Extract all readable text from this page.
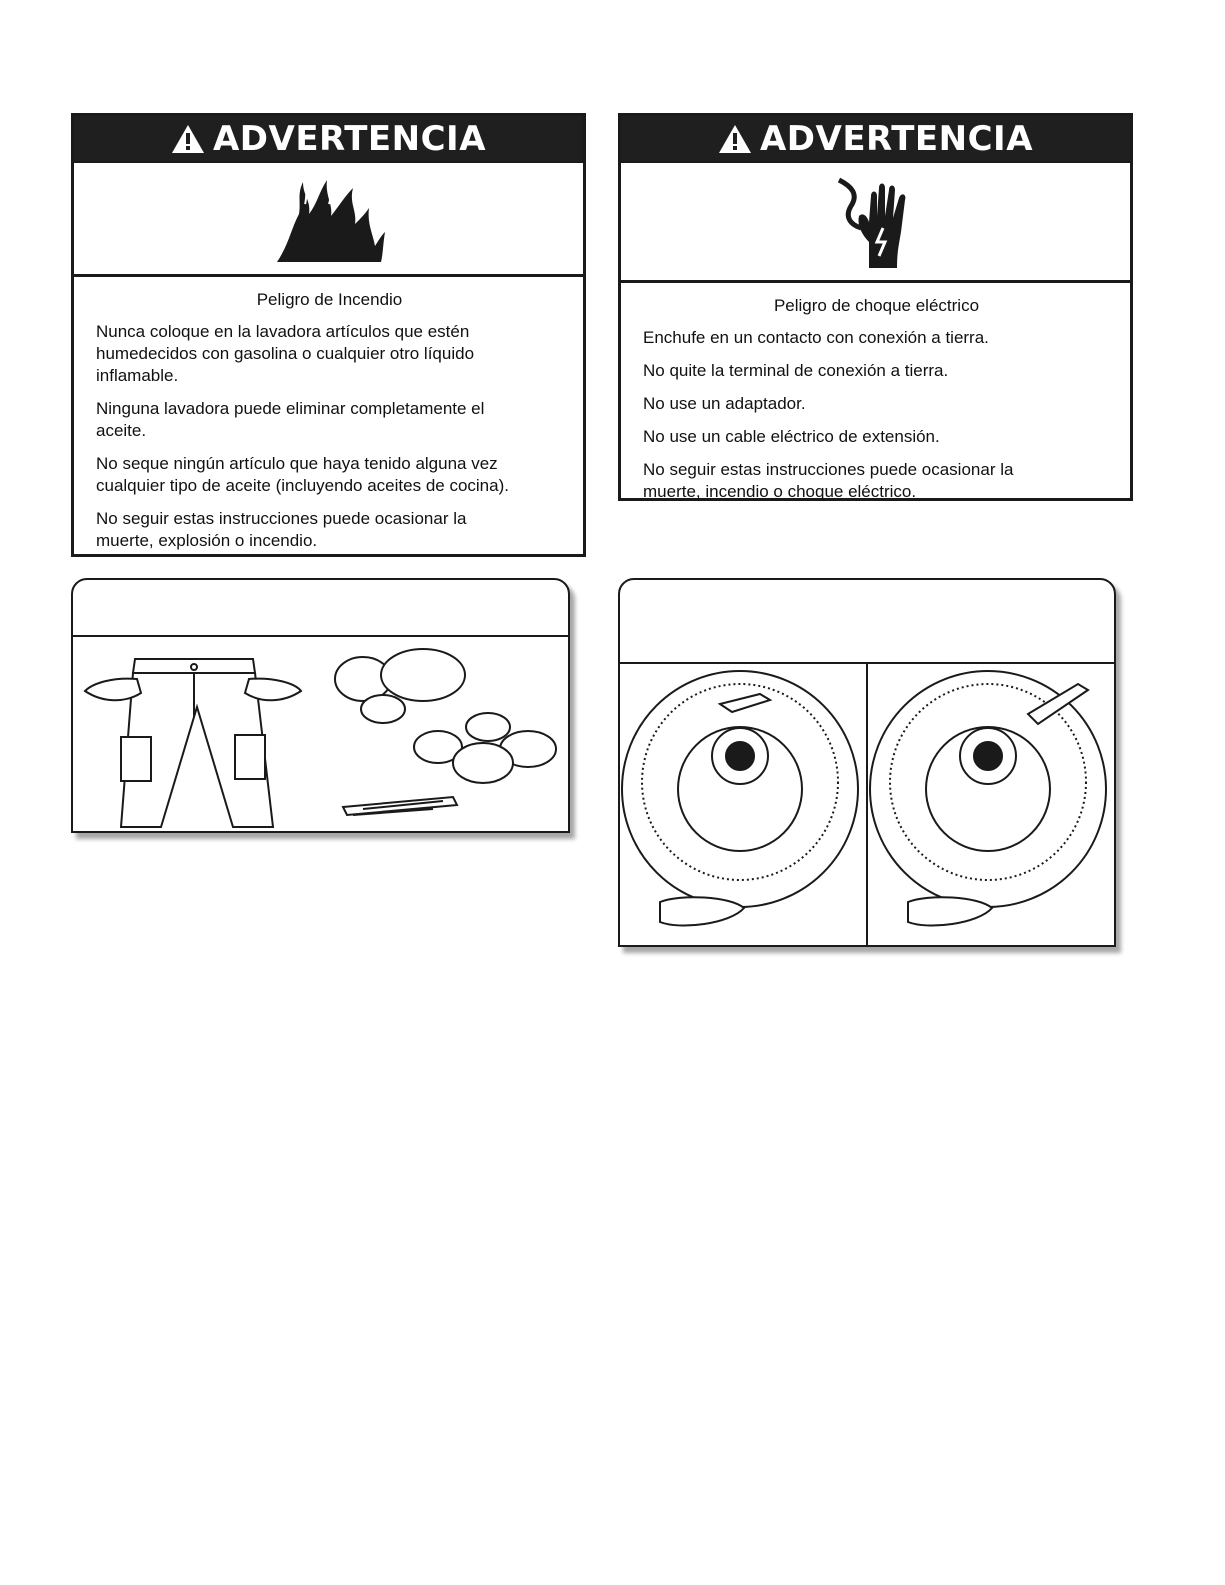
ADVERTENCIA
Peligro de Incendio

Nunca coloque en la lavadora artículos que estén humedecidos con gasolina o cualquier otro líquido inflamable.

Ninguna lavadora puede eliminar completamente el aceite.

No seque ningún artículo que haya tenido alguna vez cualquier tipo de aceite (incluyendo aceites de cocina).

No seguir estas instrucciones puede ocasionar la muerte, explosión o incendio.

ADVERTENCIA
Peligro de choque eléctrico

Enchufe en un contacto con conexión a tierra.

No quite la terminal de conexión a tierra.

No use un adaptador.

No use un cable eléctrico de extensión.

No seguir estas instrucciones puede ocasionar la muerte, incendio o choque eléctrico.
